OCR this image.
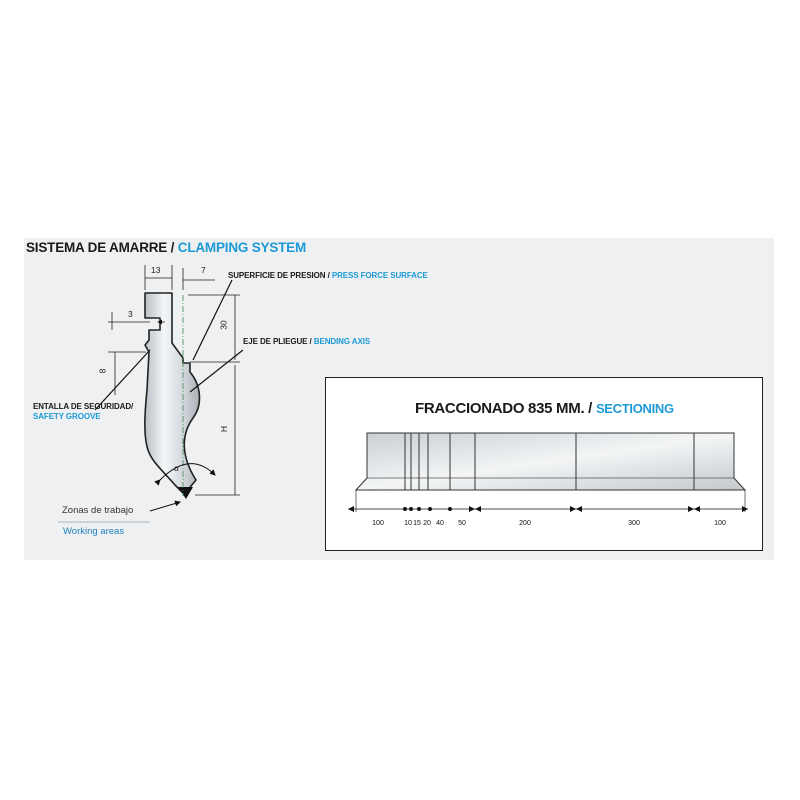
SISTEMA DE AMARRE / CLAMPING SYSTEM
13	7
3
8
30
H
α
SUPERFICIE DE PRESION / PRESS FORCE SURFACE
EJE DE PLIEGUE / BENDING AXIS
ENTALLA DE SEGURIDAD/
SAFETY GROOVE
Zonas de trabajo
Working areas
FRACCIONADO 835 MM. / SECTIONING
100	10 15 20 40 50	200	300	100
